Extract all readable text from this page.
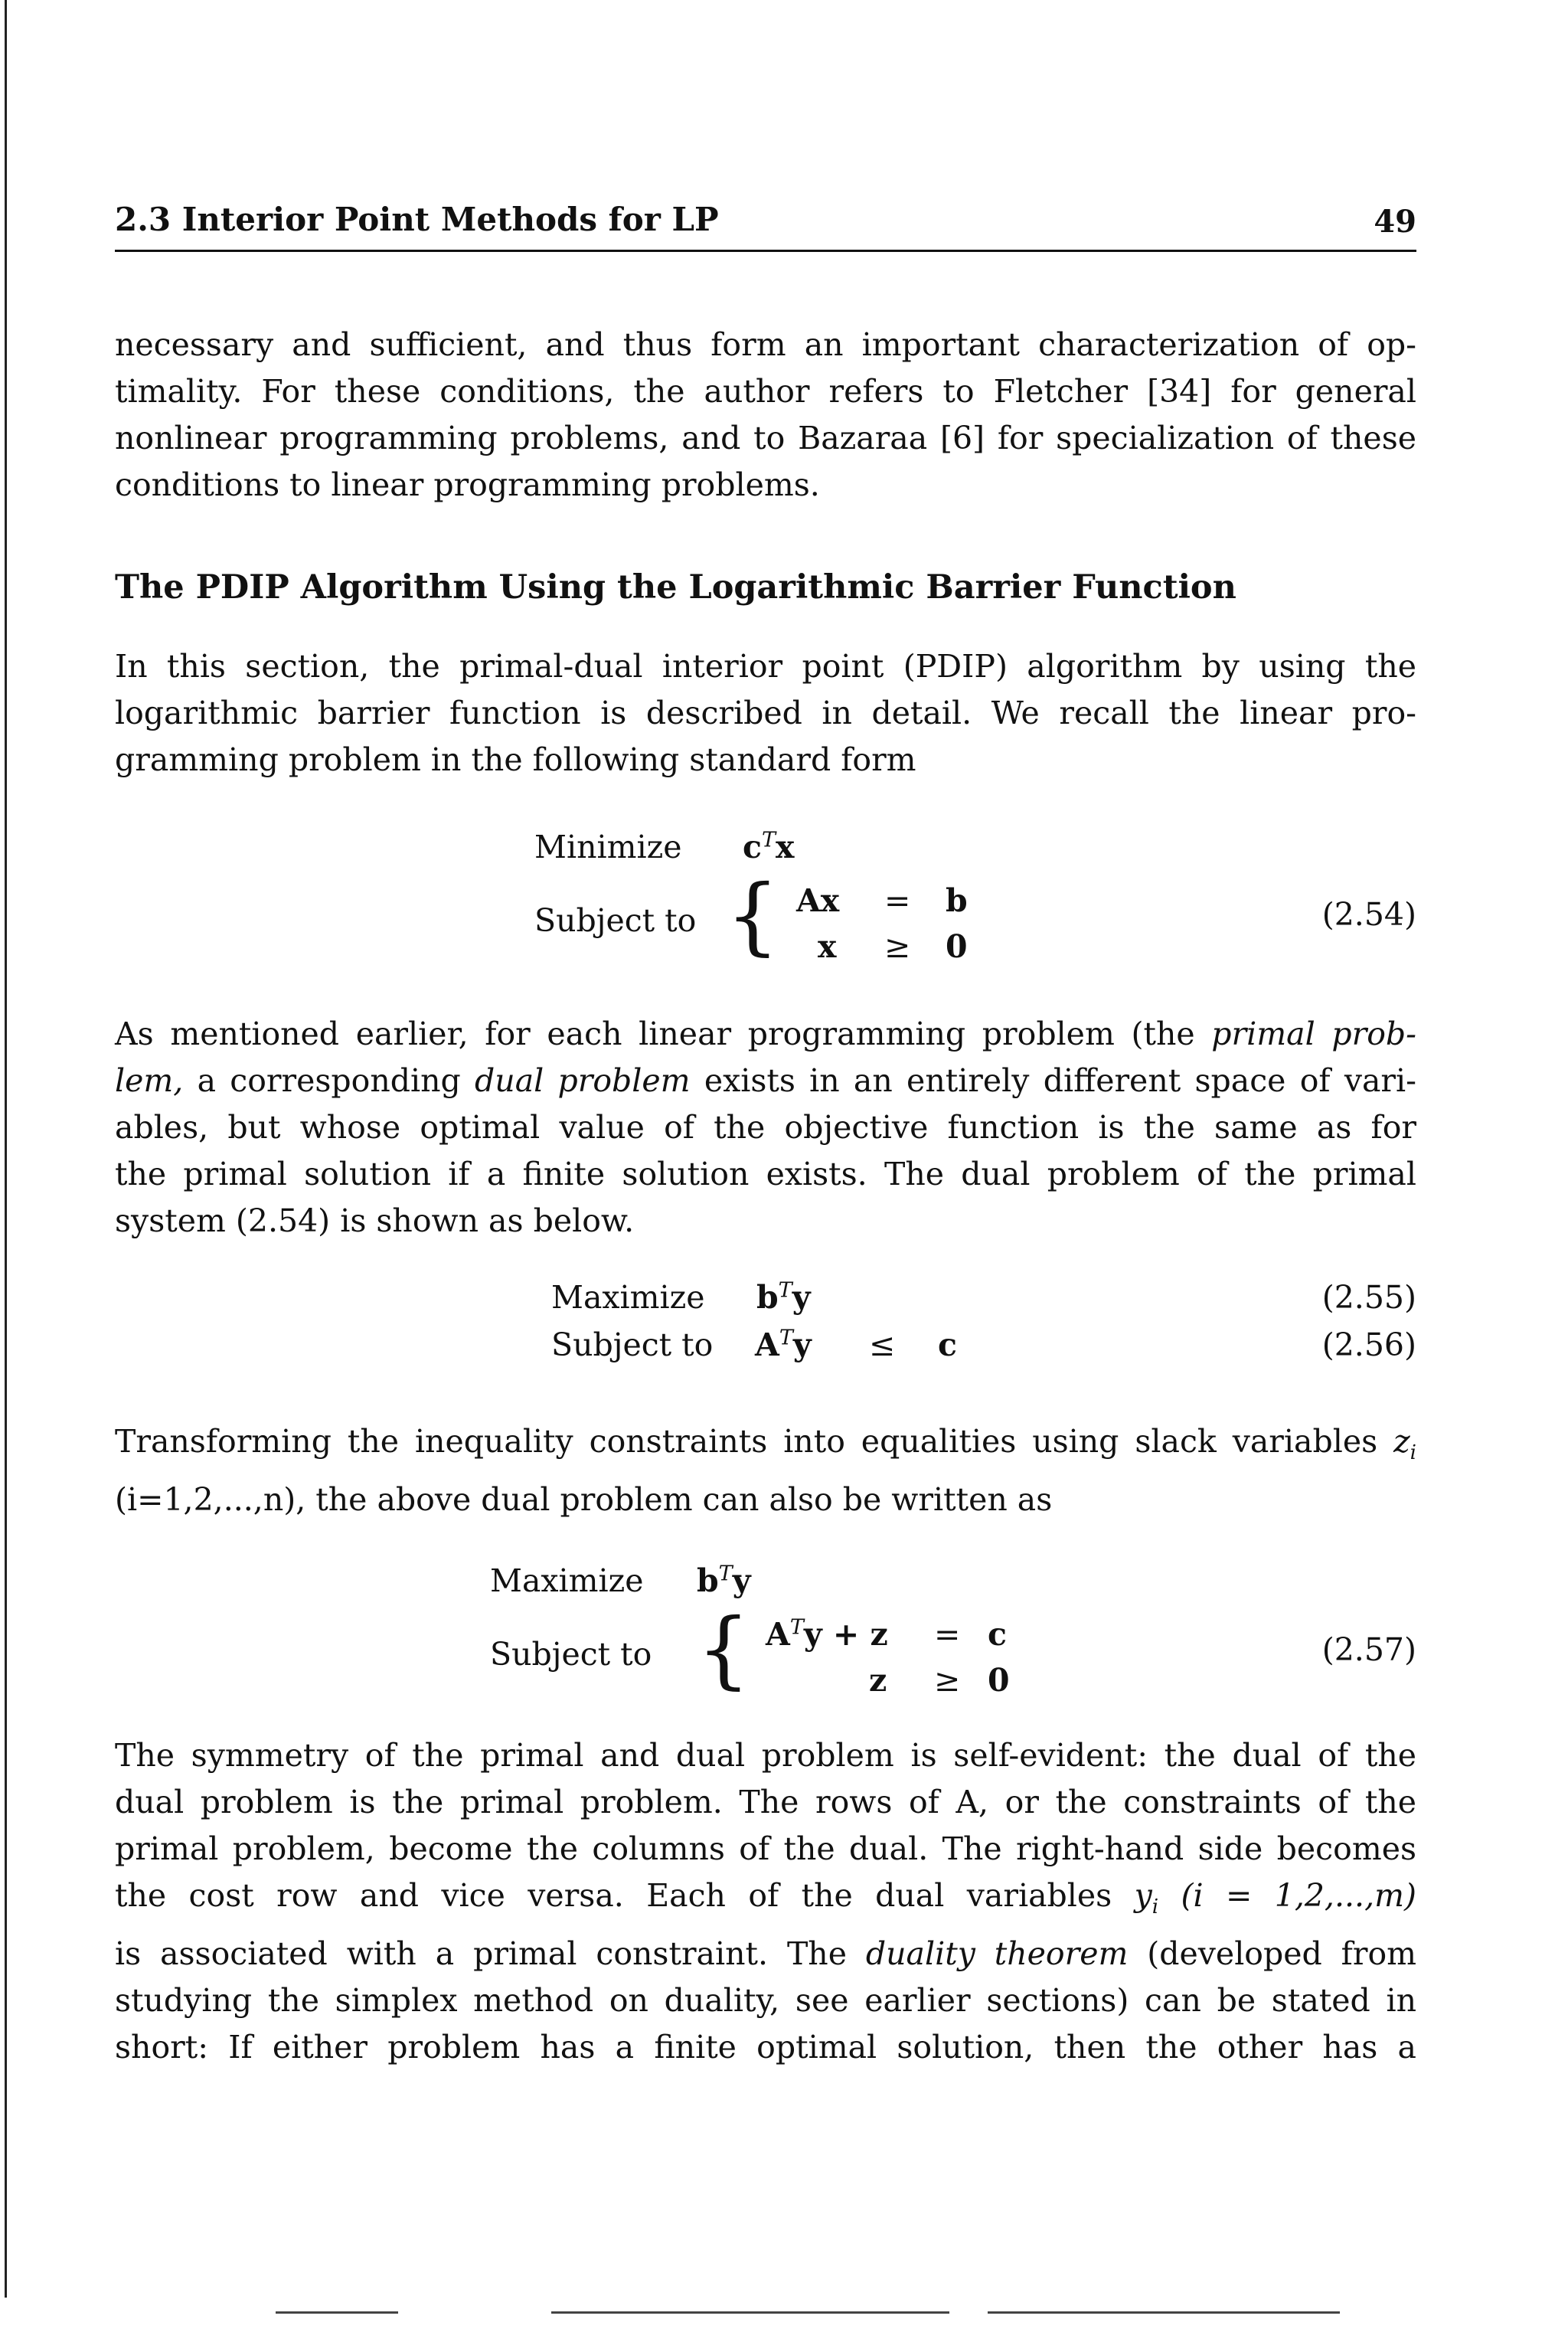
2.3 Interior Point Methods for LP	49

necessary and sufficient, and thus form an important characterization of op-
timality. For these conditions, the author refers to Fletcher [34] for general
nonlinear programming problems, and to Bazaraa [6] for specialization of these
conditions to linear programming problems.

The PDIP Algorithm Using the Logarithmic Barrier Function

In this section, the primal-dual interior point (PDIP) algorithm by using the
logarithmic barrier function is described in detail. We recall the linear pro-
gramming problem in the following standard form

Minimize $c^Tx$
Subject to { Ax = b
x ≥ 0
(2.54)

As mentioned earlier, for each linear programming problem (the primal prob-
lem, a corresponding dual problem exists in an entirely different space of vari-
ables, but whose optimal value of the objective function is the same as for
the primal solution if a finite solution exists. The dual problem of the primal
system (2.54) is shown as below.

Maximize $b^Ty$	(2.55)
Subject to $A^Ty \le c$	(2.56)

Transforming the inequality constraints into equalities using slack variables $z_i$
(i=1,2,...,n), the above dual problem can also be written as

Maximize $b^Ty$
Subject to { $A^Ty + z = c$
z ≥ 0
(2.57)

The symmetry of the primal and dual problem is self-evident: the dual of the
dual problem is the primal problem. The rows of A, or the constraints of the
primal problem, become the columns of the dual. The right-hand side becomes
the cost row and vice versa. Each of the dual variables $y_i$ (i = 1,2,...,m)
is associated with a primal constraint. The duality theorem (developed from
studying the simplex method on duality, see earlier sections) can be stated in
short: If either problem has a finite optimal solution, then the other has a
